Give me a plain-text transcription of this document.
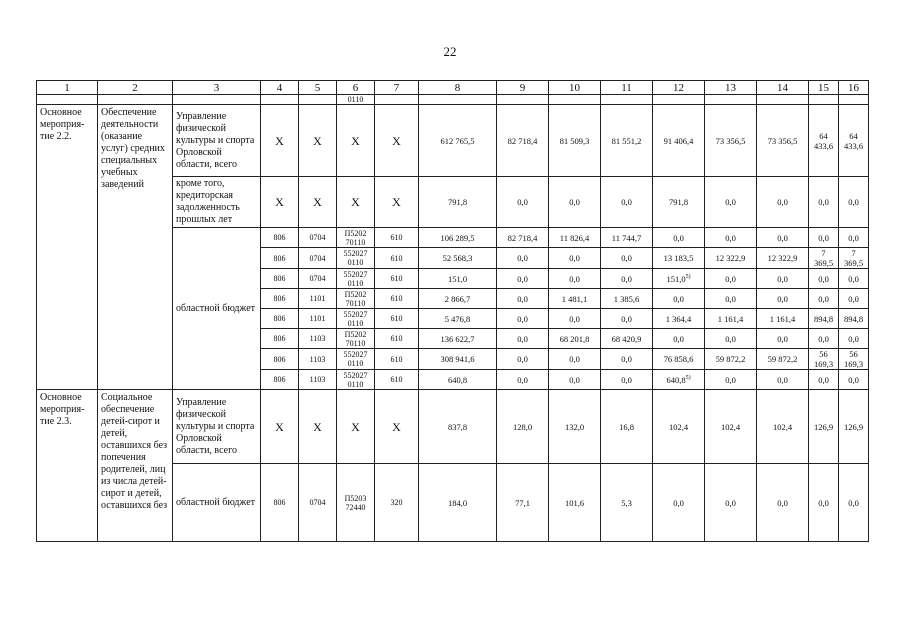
22
1	2	3	4	5	6	7	8	9	10	11	12	13	14	15	16
					0110										
Основное мероприя-тие 2.2.	Обеспечение деятельности (оказание услуг) средних специальных учебных заведений	Управление физической культуры и спорта Орловской области, всего	X	X	X	X	612 765,5	82 718,4	81 509,3	81 551,2	91 406,4	73 356,5	73 356,5	64 433,6	64 433,6
		кроме того, кредиторская задолженность прошлых лет	X	X	X	X	791,8	0,0	0,0	0,0	791,8	0,0	0,0	0,0	0,0
		областной бюджет	806	0704	П5202 70110	610	106 289,5	82 718,4	11 826,4	11 744,7	0,0	0,0	0,0	0,0	0,0
			806	0704	552027 0110	610	52 568,3	0,0	0,0	0,0	13 183,5	12 322,9	12 322,9	7 369,5	7 369,5
			806	0704	552027 0110	610	151,0	0,0	0,0	0,0	151,0$^{5)}$	0,0	0,0	0,0	0,0
			806	1101	П5202 70110	610	2 866,7	0,0	1 481,1	1 385,6	0,0	0,0	0,0	0,0	0,0
			806	1101	552027 0110	610	5 476,8	0,0	0,0	0,0	1 364,4	1 161,4	1 161,4	894,8	894,8
			806	1103	П5202 70110	610	136 622,7	0,0	68 201,8	68 420,9	0,0	0,0	0,0	0,0	0,0
			806	1103	552027 0110	610	308 941,6	0,0	0,0	0,0	76 858,6	59 872,2	59 872,2	56 169,3	56 169,3
			806	1103	552027 0110	610	640,8	0,0	0,0	0,0	640,8$^{5)}$	0,0	0,0	0,0	0,0
Основное мероприя-тие 2.3.	Социальное обеспечение детей-сирот и детей, оставшихся без попечения родителей, лиц из числа детей-сирот и детей, оставшихся без	Управление физической культуры и спорта Орловской области, всего	X	X	X	X	837,8	128,0	132,0	16,8	102,4	102,4	102,4	126,9	126,9
		областной бюджет	806	0704	П5203 72440	320	184,0	77,1	101,6	5,3	0,0	0,0	0,0	0,0	0,0
